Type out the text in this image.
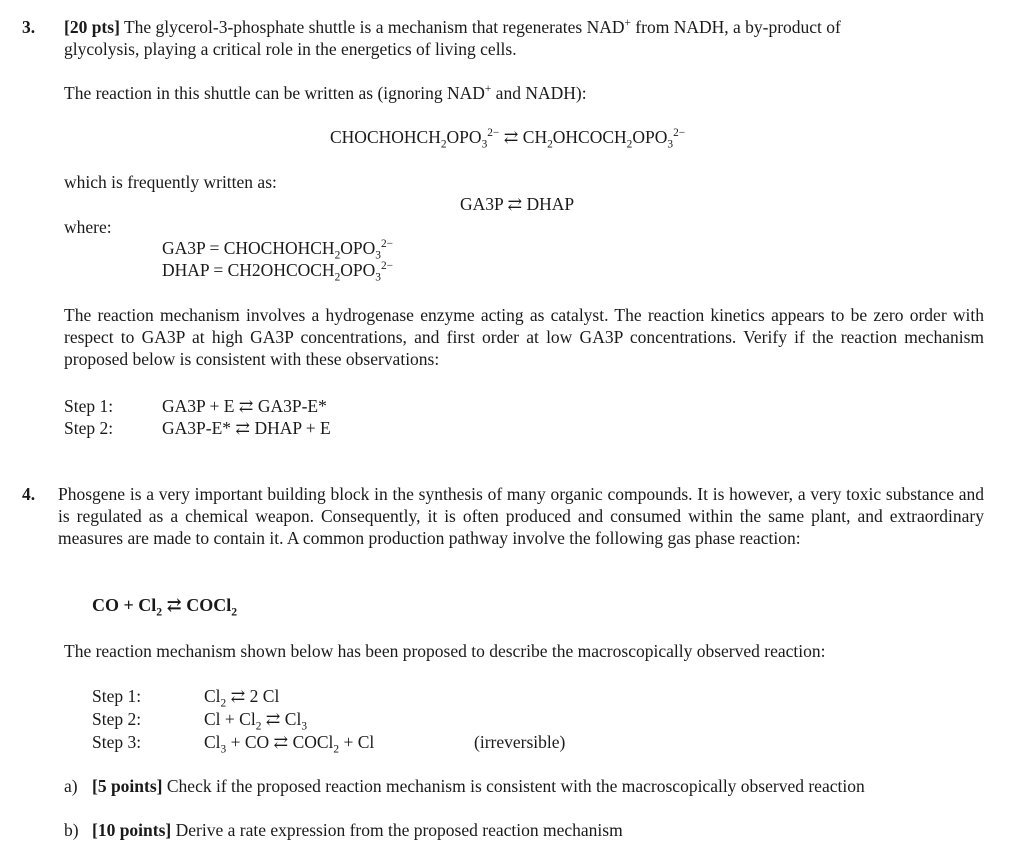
3. [20 pts] The glycerol-3-phosphate shuttle is a mechanism that regenerates NAD+ from NADH, a by-product of

glycolysis, playing a critical role in the energetics of living cells.

The reaction in this shuttle can be written as (ignoring NAD+ and NADH):
$CHOCHOHCH_2OPO_3^{2-}$ ⇄ $CH_2OHCOCH_2OPO_3^{2-}$
which is frequently written as:
GA3P ⇄ DHAP
where:
$GA3P = CHOCHOHCH_2OPO_3^{2-}$
DHAP = $CH2OHCOCH_2OPO_3^{2-}$

The reaction mechanism involves a hydrogenase enzyme acting as catalyst. The reaction kinetics appears to be zero order with respect to GA3P at high GA3P concentrations, and first order at low GA3P concentrations. Verify if the reaction mechanism proposed below is consistent with these observations:

Step 1:	GA3P + E ⇄ GA3P-E*
Step 2:	GA3P-E* ⇄ DHAP + E
4. Phosgene is a very important building block in the synthesis of many organic compounds. It is however, a very toxic substance and is regulated as a chemical weapon. Consequently, it is often produced and consumed within the same plant, and extraordinary measures are made to contain it. A common production pathway involve the following gas phase reaction:

CO + $Cl_2$ ⇄ COCl$_2$
The reaction mechanism shown below has been proposed to describe the macroscopically observed reaction:
Step 1:	$Cl_2$ ⇄ 2 Cl
Step 2:	$Cl + Cl_2$ ⇄ $Cl_3$
Step 3:	$Cl_3$ + CO ⇄ COCl$_2$ + Cl	(irreversible)
a) [5 points] Check if the proposed reaction mechanism is consistent with the macroscopically observed reaction
b) [10 points] Derive a rate expression from the proposed reaction mechanism
